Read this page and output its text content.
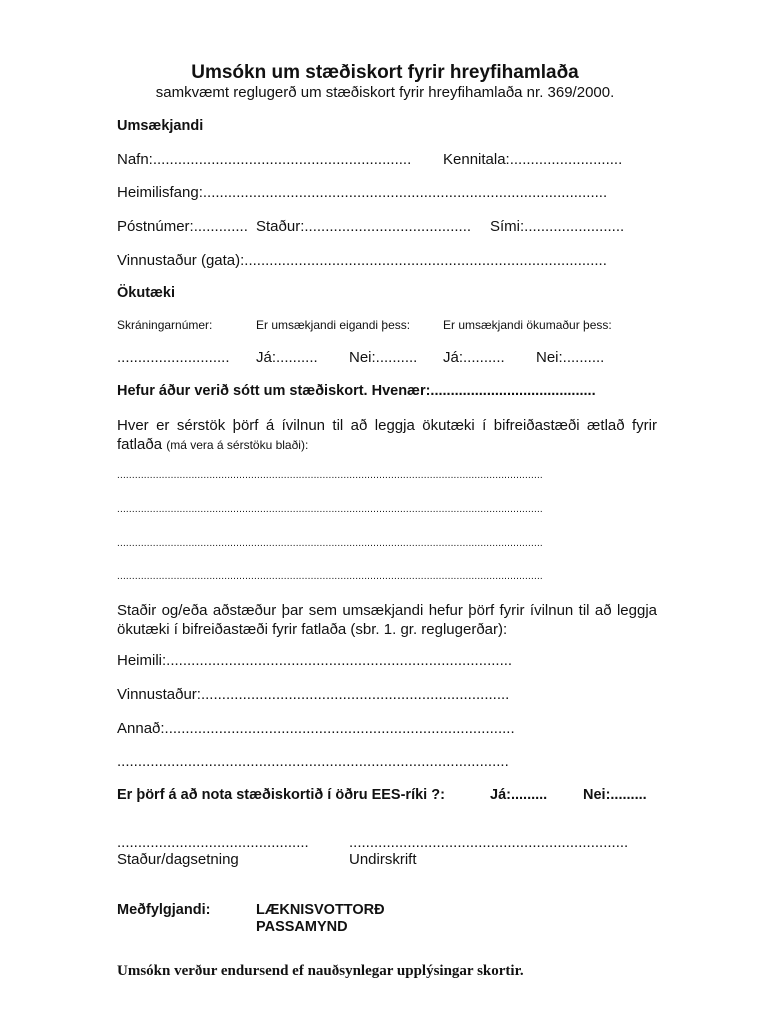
Umsókn um stæðiskort fyrir hreyfihamlaða
samkvæmt reglugerð um stæðiskort fyrir hreyfihamlaða nr. 369/2000.
Umsækjandi
Nafn:.............................................................. Kennitala:...........................
Heimilisfang:.................................................................................................
Póstnúmer:............. Staður:........................................ Sími:........................
Vinnustaður (gata):.......................................................................................
Ökutæki
Skráningarnúmer:	Er umsækjandi eigandi þess:	Er umsækjandi ökumaður þess:
........................... Já:.......... Nei:.......... Já:.......... Nei:..........
Hefur áður verið sótt um stæðiskort. Hvenær:.........................................
Hver er sérstök þörf á ívilnun til að leggja ökutæki í bifreiðastæði ætlað fyrir fatlaða (má vera á sérstöku blaði):
...............................................................................................................................................
...............................................................................................................................................
...............................................................................................................................................
...............................................................................................................................................
Staðir og/eða aðstæður þar sem umsækjandi hefur þörf fyrir ívilnun til að leggja ökutæki í bifreiðastæði fyrir fatlaða (sbr. 1. gr. reglugerðar):
Heimili:...................................................................................
Vinnustaður:..........................................................................
Annað:....................................................................................
..............................................................................................
Er þörf á að nota stæðiskortið í öðru EES-ríki ?:	Já:......... Nei:.........
..............................................	...................................................................
Staður/dagsetning	Undirskrift
Meðfylgjandi:	LÆKNISVOTTORÐ
PASSAMYND
Umsókn verður endursend ef nauðsynlegar upplýsingar skortir.
